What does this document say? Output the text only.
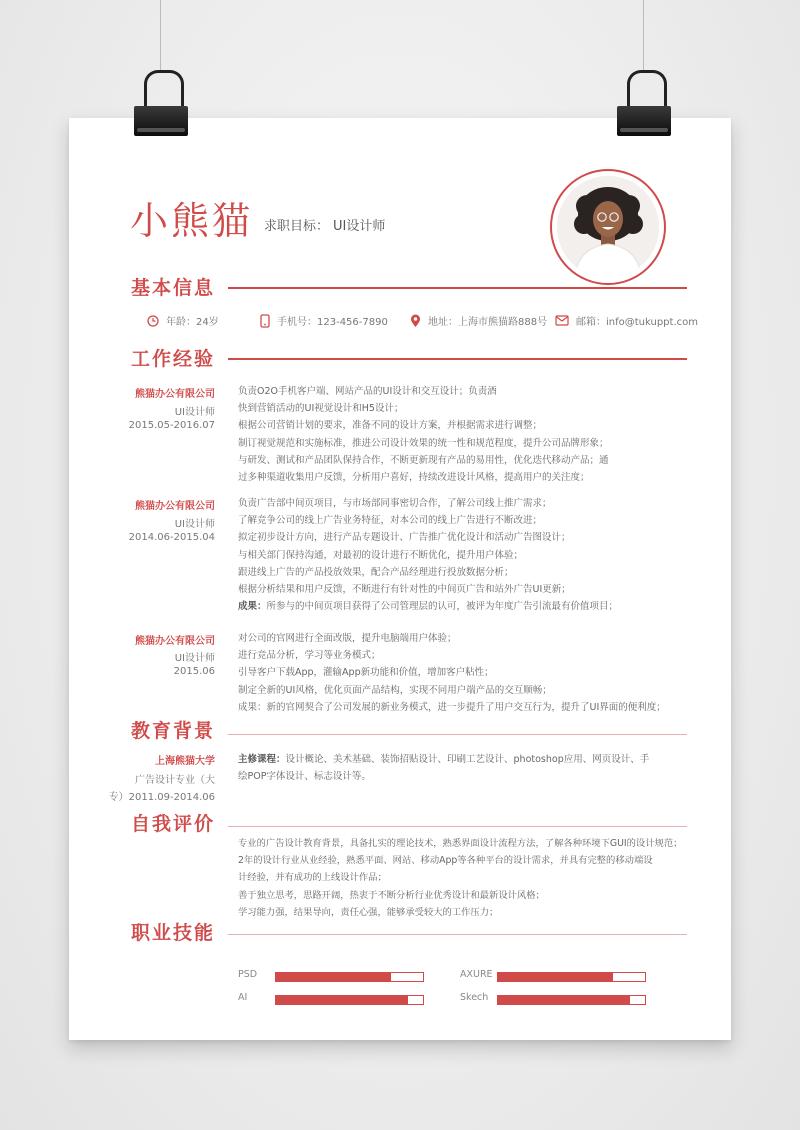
小熊猫 求职目标： UI设计师
基本信息
年龄：24岁	手机号：123-456-7890	地址：上海市熊猫路888号	邮箱：info@tukuppt.com
工作经验
熊猫办公有限公司
UI设计师
2015.05-2016.07
负责O2O手机客户端、网站产品的UI设计和交互设计；负责酒
快到营销活动的UI视觉设计和H5设计；
根据公司营销计划的要求，准备不同的设计方案，并根据需求进行调整；
制订视觉规范和实施标准，推进公司设计效果的统一性和规范程度，提升公司品牌形象；
与研发、测试和产品团队保持合作，不断更新现有产品的易用性，优化迭代移动产品；通
过多种渠道收集用户反馈，分析用户喜好，持续改进设计风格，提高用户的关注度；
熊猫办公有限公司
UI设计师
2014.06-2015.04
负责广告部中间页项目，与市场部同事密切合作，了解公司线上推广需求；
了解竞争公司的线上广告业务特征，对本公司的线上广告进行不断改进；
拟定初步设计方向，进行产品专题设计、广告推广优化设计和活动广告图设计；
与相关部门保持沟通，对最初的设计进行不断优化，提升用户体验；
跟进线上广告的产品投放效果，配合产品经理进行投放数据分析；
根据分析结果和用户反馈，不断进行有针对性的中间页广告和站外广告UI更新；
成果：所参与的中间页项目获得了公司管理层的认可，被评为年度广告引流最有价值项目；
熊猫办公有限公司
UI设计师
2015.06
对公司的官网进行全面改版，提升电脑端用户体验；
进行竞品分析，学习等业务模式；
引导客户下载App，灌输App新功能和价值，增加客户粘性；
制定全新的UI风格，优化页面产品结构，实现不同用户端产品的交互顺畅；
成果：新的官网契合了公司发展的新业务模式，进一步提升了用户交互行为，提升了UI界面的便利度；
教育背景
上海熊猫大学
广告设计专业（大
专）2011.09-2014.06
主修课程：设计概论、美术基础、装饰招贴设计、印刷工艺设计、photoshop应用、网页设计、手
绘POP字体设计、标志设计等。
自我评价
专业的广告设计教育背景，具备扎实的理论技术，熟悉界面设计流程方法，了解各种环境下GUI的设计规范；
2年的设计行业从业经验，熟悉平面、网站、移动App等各种平台的设计需求，并具有完整的移动端设
计经验，并有成功的上线设计作品；
善于独立思考，思路开阔，热衷于不断分析行业优秀设计和最新设计风格；
学习能力强，结果导向，责任心强，能够承受较大的工作压力；
职业技能
PSD	AXURE
AI	Skech
